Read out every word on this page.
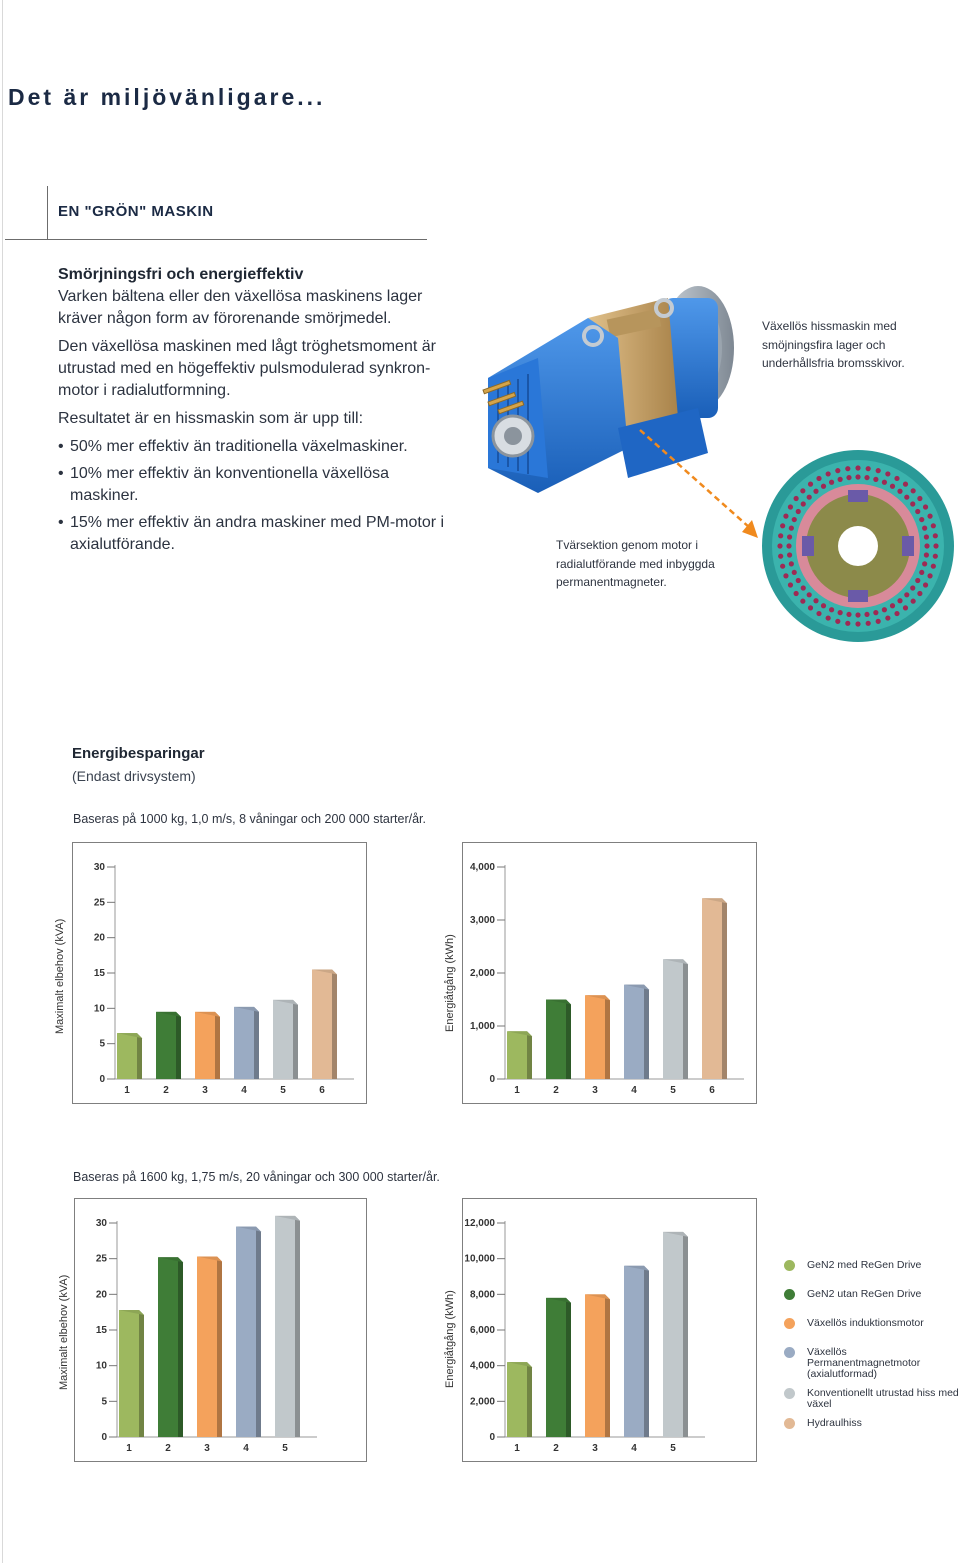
Det är miljövänligare...
EN "GRÖN" MASKIN
Smörjningsfri och energieffektiv

Varken bältena eller den växellösa maskinens lager kräver någon form av förorenande smörjmedel.

Den växellösa maskinen med lågt tröghetsmoment är utrustad med en högeffektiv pulsmodulerad synkron-motor i radialutformning.

Resultatet är en hissmaskin som är upp till:

• 50% mer effektiv än traditionella växelmaskiner.
• 10% mer effektiv än konventionella växellösa maskiner.
• 15% mer effektiv än andra maskiner med PM-motor i axialutförande.
Växellös hissmaskin med smöjningsfira lager och underhållsfria bromsskivor.
Tvärsektion genom motor i radialutförande med inbyggda permanentmagneter.
Energibesparingar
(Endast drivsystem)
Baseras på 1000 kg, 1,0 m/s, 8 våningar och 200 000 starter/år.
Baseras på 1600 kg, 1,75 m/s, 20 våningar och 300 000 starter/år.
Maximalt elbehov (kVA)
0
5
10
15
20
25
30
1	2	3	4	5	6
Energiåtgång (kWh)
0
1,000
2,000
3,000
4,000
1	2	3	4	5	6
Maximalt elbehov (kVA)
0
5
10
15
20
25
30
1	2	3	4	5
Energiåtgång (kWh)
0
2,000
4,000
6,000
8,000
10,000
12,000
1	2	3	4	5
GeN2 med ReGen Drive
GeN2 utan ReGen Drive
Växellös induktionsmotor
Växellös Permanentmagnetmotor (axialutformad)
Konventionellt utrustad hiss med växel
Hydraulhiss
